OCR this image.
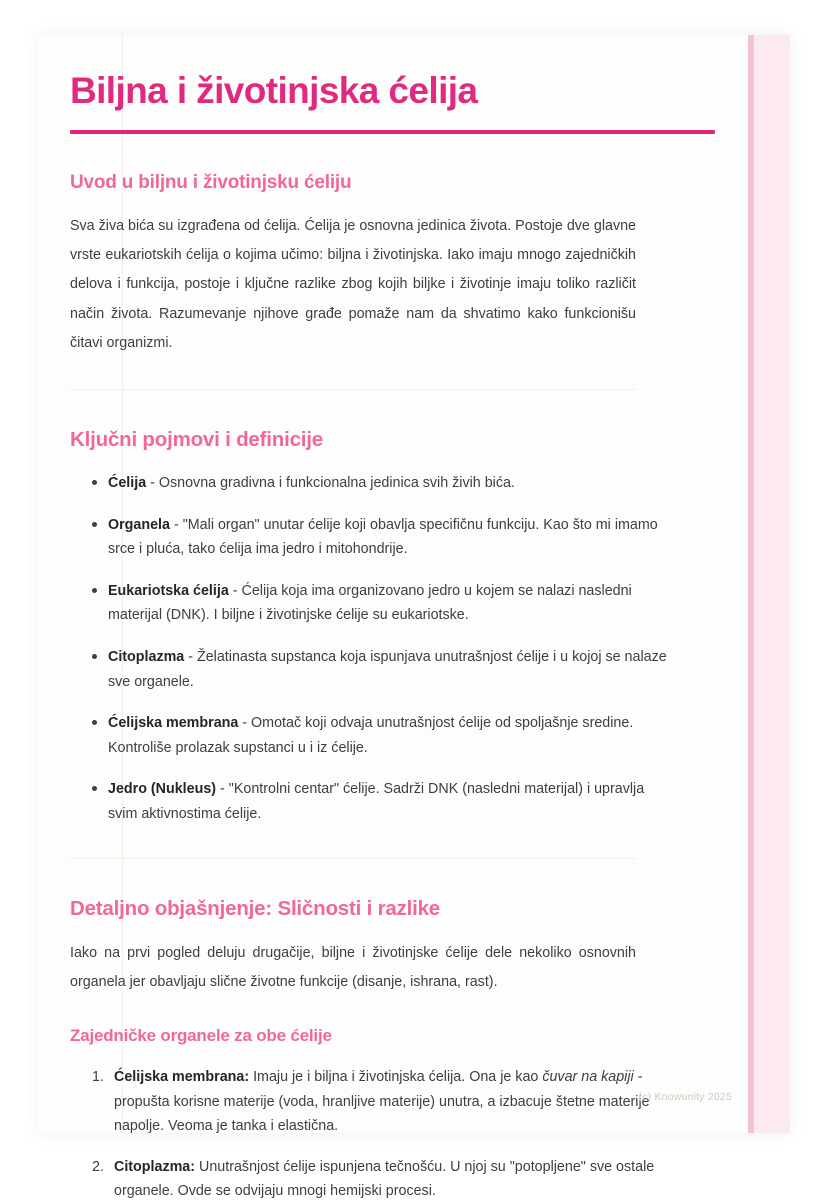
Biljna i životinjska ćelija
Uvod u biljnu i životinjsku ćeliju

Sva živa bića su izgrađena od ćelija. Ćelija je osnovna jedinica života. Postoje dve glavne vrste eukariotskih ćelija o kojima učimo: biljna i životinjska. Iako imaju mnogo zajedničkih delova i funkcija, postoje i ključne razlike zbog kojih biljke i životinje imaju toliko različit način života. Razumevanje njihove građe pomaže nam da shvatimo kako funkcionišu čitavi organizmi.

Ključni pojmovi i definicije
Ćelija - Osnovna gradivna i funkcionalna jedinica svih živih bića.
Organela - "Mali organ" unutar ćelije koji obavlja specifičnu funkciju. Kao što mi imamo srce i pluća, tako ćelija ima jedro i mitohondrije.
Eukariotska ćelija - Ćelija koja ima organizovano jedro u kojem se nalazi nasledni materijal (DNK). I biljne i životinjske ćelije su eukariotske.
Citoplazma - Želatinasta supstanca koja ispunjava unutrašnjost ćelije i u kojoj se nalaze sve organele.
Ćelijska membrana - Omotač koji odvaja unutrašnjost ćelije od spoljašnje sredine. Kontroliše prolazak supstanci u i iz ćelije.
Jedro (Nukleus) - "Kontrolni centar" ćelije. Sadrži DNK (nasledni materijal) i upravlja svim aktivnostima ćelije.
Detaljno objašnjenje: Sličnosti i razlike

Iako na prvi pogled deluju drugačije, biljne i životinjske ćelije dele nekoliko osnovnih organela jer obavljaju slične životne funkcije (disanje, ishrana, rast).

Zajedničke organele za obe ćelije
Ćelijska membrana: Imaju je i biljna i životinjska ćelija. Ona je kao čuvar na kapiji - propušta korisne materije (voda, hranljive materije) unutra, a izbacuje štetne materije napolje. Veoma je tanka i elastična.
Citoplazma: Unutrašnjost ćelije ispunjena tečnošću. U njoj su "potopljene" sve ostale organele. Ovde se odvijaju mnogi hemijski procesi.
(c) Knowunity 2025
